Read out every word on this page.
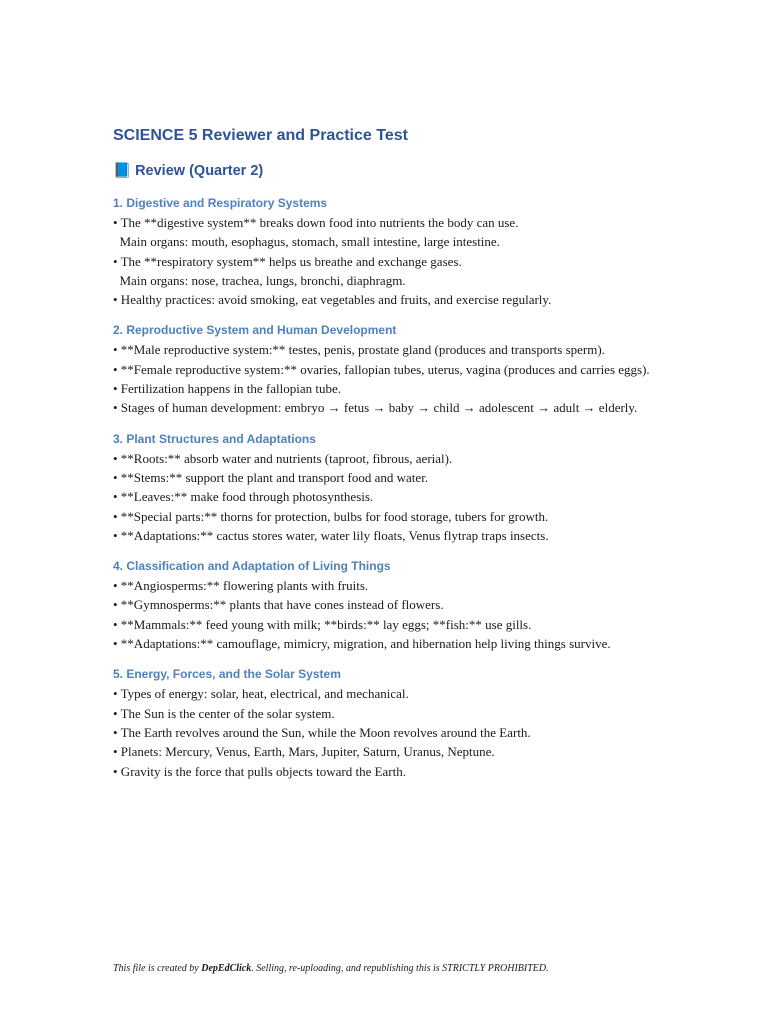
SCIENCE 5 Reviewer and Practice Test
📘 Review (Quarter 2)
1. Digestive and Respiratory Systems

• The **digestive system** breaks down food into nutrients the body can use.

Main organs: mouth, esophagus, stomach, small intestine, large intestine.

• The **respiratory system** helps us breathe and exchange gases.

Main organs: nose, trachea, lungs, bronchi, diaphragm.

• Healthy practices: avoid smoking, eat vegetables and fruits, and exercise regularly.

2. Reproductive System and Human Development

• **Male reproductive system:** testes, penis, prostate gland (produces and transports sperm).

• **Female reproductive system:** ovaries, fallopian tubes, uterus, vagina (produces and carries eggs).

• Fertilization happens in the fallopian tube.

• Stages of human development: embryo → fetus → baby → child → adolescent → adult → elderly.

3. Plant Structures and Adaptations

• **Roots:** absorb water and nutrients (taproot, fibrous, aerial).

• **Stems:** support the plant and transport food and water.

• **Leaves:** make food through photosynthesis.

• **Special parts:** thorns for protection, bulbs for food storage, tubers for growth.

• **Adaptations:** cactus stores water, water lily floats, Venus flytrap traps insects.

4. Classification and Adaptation of Living Things

• **Angiosperms:** flowering plants with fruits.

• **Gymnosperms:** plants that have cones instead of flowers.

• **Mammals:** feed young with milk; **birds:** lay eggs; **fish:** use gills.

• **Adaptations:** camouflage, mimicry, migration, and hibernation help living things survive.

5. Energy, Forces, and the Solar System

• Types of energy: solar, heat, electrical, and mechanical.

• The Sun is the center of the solar system.

• The Earth revolves around the Sun, while the Moon revolves around the Earth.

• Planets: Mercury, Venus, Earth, Mars, Jupiter, Saturn, Uranus, Neptune.

• Gravity is the force that pulls objects toward the Earth.

This file is created by DepEdClick. Selling, re-uploading, and republishing this is STRICTLY PROHIBITED.
